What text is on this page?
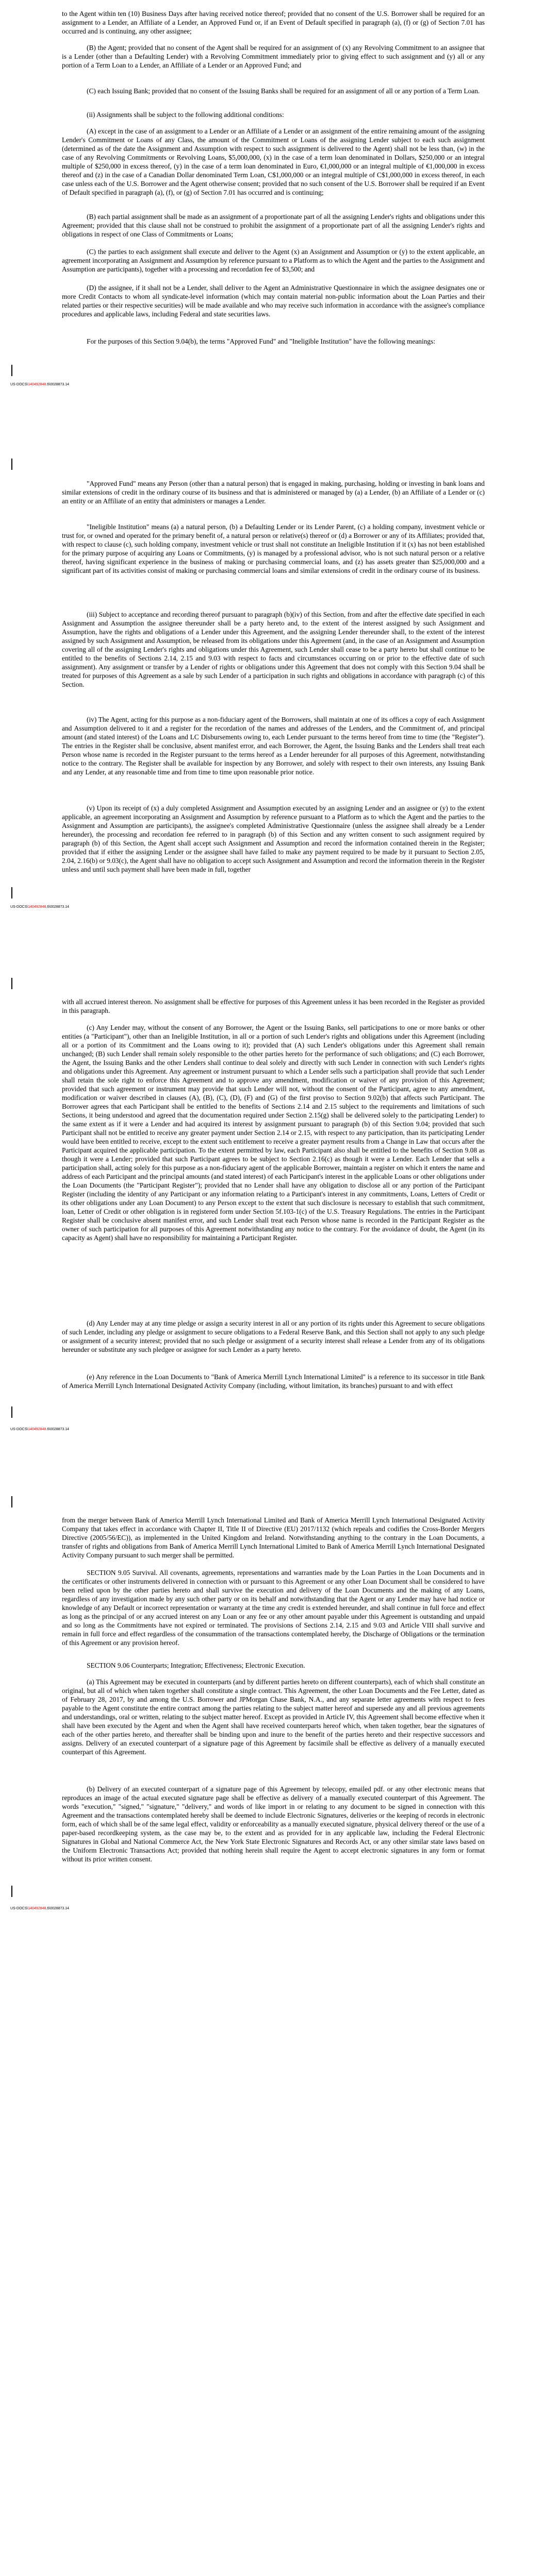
to the Agent within ten (10) Business Days after having received notice thereof; provided that no consent of the U.S. Borrower shall be required for an assignment to a Lender, an Affiliate of a Lender, an Approved Fund or, if an Event of Default specified in paragraph (a), (f) or (g) of Section 7.01 has occurred and is continuing, any other assignee;

(B) the Agent; provided that no consent of the Agent shall be required for an assignment of (x) any Revolving Commitment to an assignee that is a Lender (other than a Defaulting Lender) with a Revolving Commitment immediately prior to giving effect to such assignment and (y) all or any portion of a Term Loan to a Lender, an Affiliate of a Lender or an Approved Fund; and

(C) each Issuing Bank; provided that no consent of the Issuing Banks shall be required for an assignment of all or any portion of a Term Loan.

(ii) Assignments shall be subject to the following additional conditions:

(A) except in the case of an assignment to a Lender or an Affiliate of a Lender or an assignment of the entire remaining amount of the assigning Lender's Commitment or Loans of any Class, the amount of the Commitment or Loans of the assigning Lender subject to each such assignment (determined as of the date the Assignment and Assumption with respect to such assignment is delivered to the Agent) shall not be less than, (w) in the case of any Revolving Commitments or Revolving Loans, $5,000,000, (x) in the case of a term loan denominated in Dollars, $250,000 or an integral multiple of $250,000 in excess thereof, (y) in the case of a term loan denominated in Euro, €1,000,000 or an integral multiple of €1,000,000 in excess thereof and (z) in the case of a Canadian Dollar denominated Term Loan, C$1,000,000 or an integral multiple of C$1,000,000 in excess thereof, in each case unless each of the U.S. Borrower and the Agent otherwise consent; provided that no such consent of the U.S. Borrower shall be required if an Event of Default specified in paragraph (a), (f), or (g) of Section 7.01 has occurred and is continuing;

(B) each partial assignment shall be made as an assignment of a proportionate part of all the assigning Lender's rights and obligations under this Agreement; provided that this clause shall not be construed to prohibit the assignment of a proportionate part of all the assigning Lender's rights and obligations in respect of one Class of Commitments or Loans;

(C) the parties to each assignment shall execute and deliver to the Agent (x) an Assignment and Assumption or (y) to the extent applicable, an agreement incorporating an Assignment and Assumption by reference pursuant to a Platform as to which the Agent and the parties to the Assignment and Assumption are participants), together with a processing and recordation fee of $3,500; and

(D) the assignee, if it shall not be a Lender, shall deliver to the Agent an Administrative Questionnaire in which the assignee designates one or more Credit Contacts to whom all syndicate-level information (which may contain material non-public information about the Loan Parties and their related parties or their respective securities) will be made available and who may receive such information in accordance with the assignee's compliance procedures and applicable laws, including Federal and state securities laws.

For the purposes of this Section 9.04(b), the terms "Approved Fund" and "Ineligible Institution" have the following meanings:

US-DOCS\140492848.6\0028873.14

"Approved Fund" means any Person (other than a natural person) that is engaged in making, purchasing, holding or investing in bank loans and similar extensions of credit in the ordinary course of its business and that is administered or managed by (a) a Lender, (b) an Affiliate of a Lender or (c) an entity or an Affiliate of an entity that administers or manages a Lender.

"Ineligible Institution" means (a) a natural person, (b) a Defaulting Lender or its Lender Parent, (c) a holding company, investment vehicle or trust for, or owned and operated for the primary benefit of, a natural person or relative(s) thereof or (d) a Borrower or any of its Affiliates; provided that, with respect to clause (c), such holding company, investment vehicle or trust shall not constitute an Ineligible Institution if it (x) has not been established for the primary purpose of acquiring any Loans or Commitments, (y) is managed by a professional advisor, who is not such natural person or a relative thereof, having significant experience in the business of making or purchasing commercial loans, and (z) has assets greater than $25,000,000 and a significant part of its activities consist of making or purchasing commercial loans and similar extensions of credit in the ordinary course of its business.

(iii) Subject to acceptance and recording thereof pursuant to paragraph (b)(iv) of this Section, from and after the effective date specified in each Assignment and Assumption the assignee thereunder shall be a party hereto and, to the extent of the interest assigned by such Assignment and Assumption, have the rights and obligations of a Lender under this Agreement, and the assigning Lender thereunder shall, to the extent of the interest assigned by such Assignment and Assumption, be released from its obligations under this Agreement (and, in the case of an Assignment and Assumption covering all of the assigning Lender's rights and obligations under this Agreement, such Lender shall cease to be a party hereto but shall continue to be entitled to the benefits of Sections 2.14, 2.15 and 9.03 with respect to facts and circumstances occurring on or prior to the effective date of such assignment). Any assignment or transfer by a Lender of rights or obligations under this Agreement that does not comply with this Section 9.04 shall be treated for purposes of this Agreement as a sale by such Lender of a participation in such rights and obligations in accordance with paragraph (c) of this Section.

(iv) The Agent, acting for this purpose as a non-fiduciary agent of the Borrowers, shall maintain at one of its offices a copy of each Assignment and Assumption delivered to it and a register for the recordation of the names and addresses of the Lenders, and the Commitment of, and principal amount (and stated interest) of the Loans and LC Disbursements owing to, each Lender pursuant to the terms hereof from time to time (the "Register"). The entries in the Register shall be conclusive, absent manifest error, and each Borrower, the Agent, the Issuing Banks and the Lenders shall treat each Person whose name is recorded in the Register pursuant to the terms hereof as a Lender hereunder for all purposes of this Agreement, notwithstanding notice to the contrary. The Register shall be available for inspection by any Borrower, and solely with respect to their own interests, any Issuing Bank and any Lender, at any reasonable time and from time to time upon reasonable prior notice.

(v) Upon its receipt of (x) a duly completed Assignment and Assumption executed by an assigning Lender and an assignee or (y) to the extent applicable, an agreement incorporating an Assignment and Assumption by reference pursuant to a Platform as to which the Agent and the parties to the Assignment and Assumption are participants), the assignee's completed Administrative Questionnaire (unless the assignee shall already be a Lender hereunder), the processing and recordation fee referred to in paragraph (b) of this Section and any written consent to such assignment required by paragraph (b) of this Section, the Agent shall accept such Assignment and Assumption and record the information contained therein in the Register; provided that if either the assigning Lender or the assignee shall have failed to make any payment required to be made by it pursuant to Section 2.05, 2.04, 2.16(b) or 9.03(c), the Agent shall have no obligation to accept such Assignment and Assumption and record the information therein in the Register unless and until such payment shall have been made in full, together

US-DOCS\140492848.6\0028873.14

with all accrued interest thereon. No assignment shall be effective for purposes of this Agreement unless it has been recorded in the Register as provided in this paragraph.

(c) Any Lender may, without the consent of any Borrower, the Agent or the Issuing Banks, sell participations to one or more banks or other entities (a "Participant"), other than an Ineligible Institution, in all or a portion of such Lender's rights and obligations under this Agreement (including all or a portion of its Commitment and the Loans owing to it); provided that (A) such Lender's obligations under this Agreement shall remain unchanged; (B) such Lender shall remain solely responsible to the other parties hereto for the performance of such obligations; and (C) each Borrower, the Agent, the Issuing Banks and the other Lenders shall continue to deal solely and directly with such Lender in connection with such Lender's rights and obligations under this Agreement. Any agreement or instrument pursuant to which a Lender sells such a participation shall provide that such Lender shall retain the sole right to enforce this Agreement and to approve any amendment, modification or waiver of any provision of this Agreement; provided that such agreement or instrument may provide that such Lender will not, without the consent of the Participant, agree to any amendment, modification or waiver described in clauses (A), (B), (C), (D), (F) and (G) of the first proviso to Section 9.02(b) that affects such Participant. The Borrower agrees that each Participant shall be entitled to the benefits of Sections 2.14 and 2.15 subject to the requirements and limitations of such Sections, it being understood and agreed that the documentation required under Section 2.15(g) shall be delivered solely to the participating Lender) to the same extent as if it were a Lender and had acquired its interest by assignment pursuant to paragraph (b) of this Section 9.04; provided that such Participant shall not be entitled to receive any greater payment under Section 2.14 or 2.15, with respect to any participation, than its participating Lender would have been entitled to receive, except to the extent such entitlement to receive a greater payment results from a Change in Law that occurs after the Participant acquired the applicable participation. To the extent permitted by law, each Participant also shall be entitled to the benefits of Section 9.08 as though it were a Lender; provided that such Participant agrees to be subject to Section 2.16(c) as though it were a Lender. Each Lender that sells a participation shall, acting solely for this purpose as a non-fiduciary agent of the applicable Borrower, maintain a register on which it enters the name and address of each Participant and the principal amounts (and stated interest) of each Participant's interest in the applicable Loans or other obligations under the Loan Documents (the "Participant Register"); provided that no Lender shall have any obligation to disclose all or any portion of the Participant Register (including the identity of any Participant or any information relating to a Participant's interest in any commitments, Loans, Letters of Credit or its other obligations under any Loan Document) to any Person except to the extent that such disclosure is necessary to establish that such commitment, loan, Letter of Credit or other obligation is in registered form under Section 5f.103-1(c) of the U.S. Treasury Regulations. The entries in the Participant Register shall be conclusive absent manifest error, and such Lender shall treat each Person whose name is recorded in the Participant Register as the owner of such participation for all purposes of this Agreement notwithstanding any notice to the contrary. For the avoidance of doubt, the Agent (in its capacity as Agent) shall have no responsibility for maintaining a Participant Register.

(d) Any Lender may at any time pledge or assign a security interest in all or any portion of its rights under this Agreement to secure obligations of such Lender, including any pledge or assignment to secure obligations to a Federal Reserve Bank, and this Section shall not apply to any such pledge or assignment of a security interest; provided that no such pledge or assignment of a security interest shall release a Lender from any of its obligations hereunder or substitute any such pledgee or assignee for such Lender as a party hereto.

(e) Any reference in the Loan Documents to "Bank of America Merrill Lynch International Limited" is a reference to its successor in title Bank of America Merrill Lynch International Designated Activity Company (including, without limitation, its branches) pursuant to and with effect

US-DOCS\140492848.6\0028873.14

from the merger between Bank of America Merrill Lynch International Limited and Bank of America Merrill Lynch International Designated Activity Company that takes effect in accordance with Chapter II, Title II of Directive (EU) 2017/1132 (which repeals and codifies the Cross-Border Mergers Directive (2005/56/EC)), as implemented in the United Kingdom and Ireland. Notwithstanding anything to the contrary in the Loan Documents, a transfer of rights and obligations from Bank of America Merrill Lynch International Limited to Bank of America Merrill Lynch International Designated Activity Company pursuant to such merger shall be permitted.

SECTION 9.05 Survival. All covenants, agreements, representations and warranties made by the Loan Parties in the Loan Documents and in the certificates or other instruments delivered in connection with or pursuant to this Agreement or any other Loan Document shall be considered to have been relied upon by the other parties hereto and shall survive the execution and delivery of the Loan Documents and the making of any Loans, regardless of any investigation made by any such other party or on its behalf and notwithstanding that the Agent or any Lender may have had notice or knowledge of any Default or incorrect representation or warranty at the time any credit is extended hereunder, and shall continue in full force and effect as long as the principal of or any accrued interest on any Loan or any fee or any other amount payable under this Agreement is outstanding and unpaid and so long as the Commitments have not expired or terminated. The provisions of Sections 2.14, 2.15 and 9.03 and Article VIII shall survive and remain in full force and effect regardless of the consummation of the transactions contemplated hereby, the Discharge of Obligations or the termination of this Agreement or any provision hereof.

SECTION 9.06 Counterparts; Integration; Effectiveness; Electronic Execution.

(a) This Agreement may be executed in counterparts (and by different parties hereto on different counterparts), each of which shall constitute an original, but all of which when taken together shall constitute a single contract. This Agreement, the other Loan Documents and the Fee Letter, dated as of February 28, 2017, by and among the U.S. Borrower and JPMorgan Chase Bank, N.A., and any separate letter agreements with respect to fees payable to the Agent constitute the entire contract among the parties relating to the subject matter hereof and supersede any and all previous agreements and understandings, oral or written, relating to the subject matter hereof. Except as provided in Article IV, this Agreement shall become effective when it shall have been executed by the Agent and when the Agent shall have received counterparts hereof which, when taken together, bear the signatures of each of the other parties hereto, and thereafter shall be binding upon and inure to the benefit of the parties hereto and their respective successors and assigns. Delivery of an executed counterpart of a signature page of this Agreement by facsimile shall be effective as delivery of a manually executed counterpart of this Agreement.

(b) Delivery of an executed counterpart of a signature page of this Agreement by telecopy, emailed pdf. or any other electronic means that reproduces an image of the actual executed signature page shall be effective as delivery of a manually executed counterpart of this Agreement. The words "execution," "signed," "signature," "delivery," and words of like import in or relating to any document to be signed in connection with this Agreement and the transactions contemplated hereby shall be deemed to include Electronic Signatures, deliveries or the keeping of records in electronic form, each of which shall be of the same legal effect, validity or enforceability as a manually executed signature, physical delivery thereof or the use of a paper-based recordkeeping system, as the case may be, to the extent and as provided for in any applicable law, including the Federal Electronic Signatures in Global and National Commerce Act, the New York State Electronic Signatures and Records Act, or any other similar state laws based on the Uniform Electronic Transactions Act; provided that nothing herein shall require the Agent to accept electronic signatures in any form or format without its prior written consent.

US-DOCS\140492848.6\0028873.14
